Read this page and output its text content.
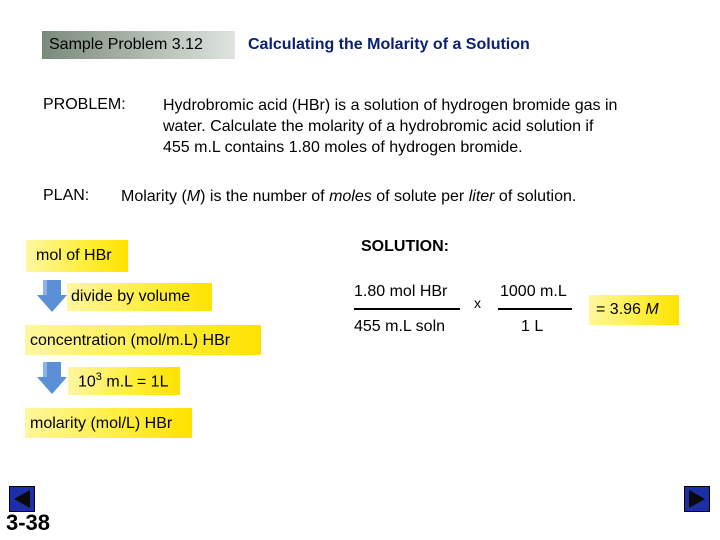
Sample Problem 3.12	Calculating the Molarity of a Solution
PROBLEM: Hydrobromic acid (HBr) is a solution of hydrogen bromide gas in
water. Calculate the molarity of a hydrobromic acid solution if
455 m.L contains 1.80 moles of hydrogen bromide.
PLAN: Molarity (M) is the number of moles of solute per liter of solution.
mol of HBr
divide by volume
concentration (mol/m.L) HBr
$10^3$ m.L = 1L
molarity (mol/L) HBr
SOLUTION:
1.80 mol HBr
455 m.L soln
x
1000 m.L
1 L
= 3.96 M
3-38
